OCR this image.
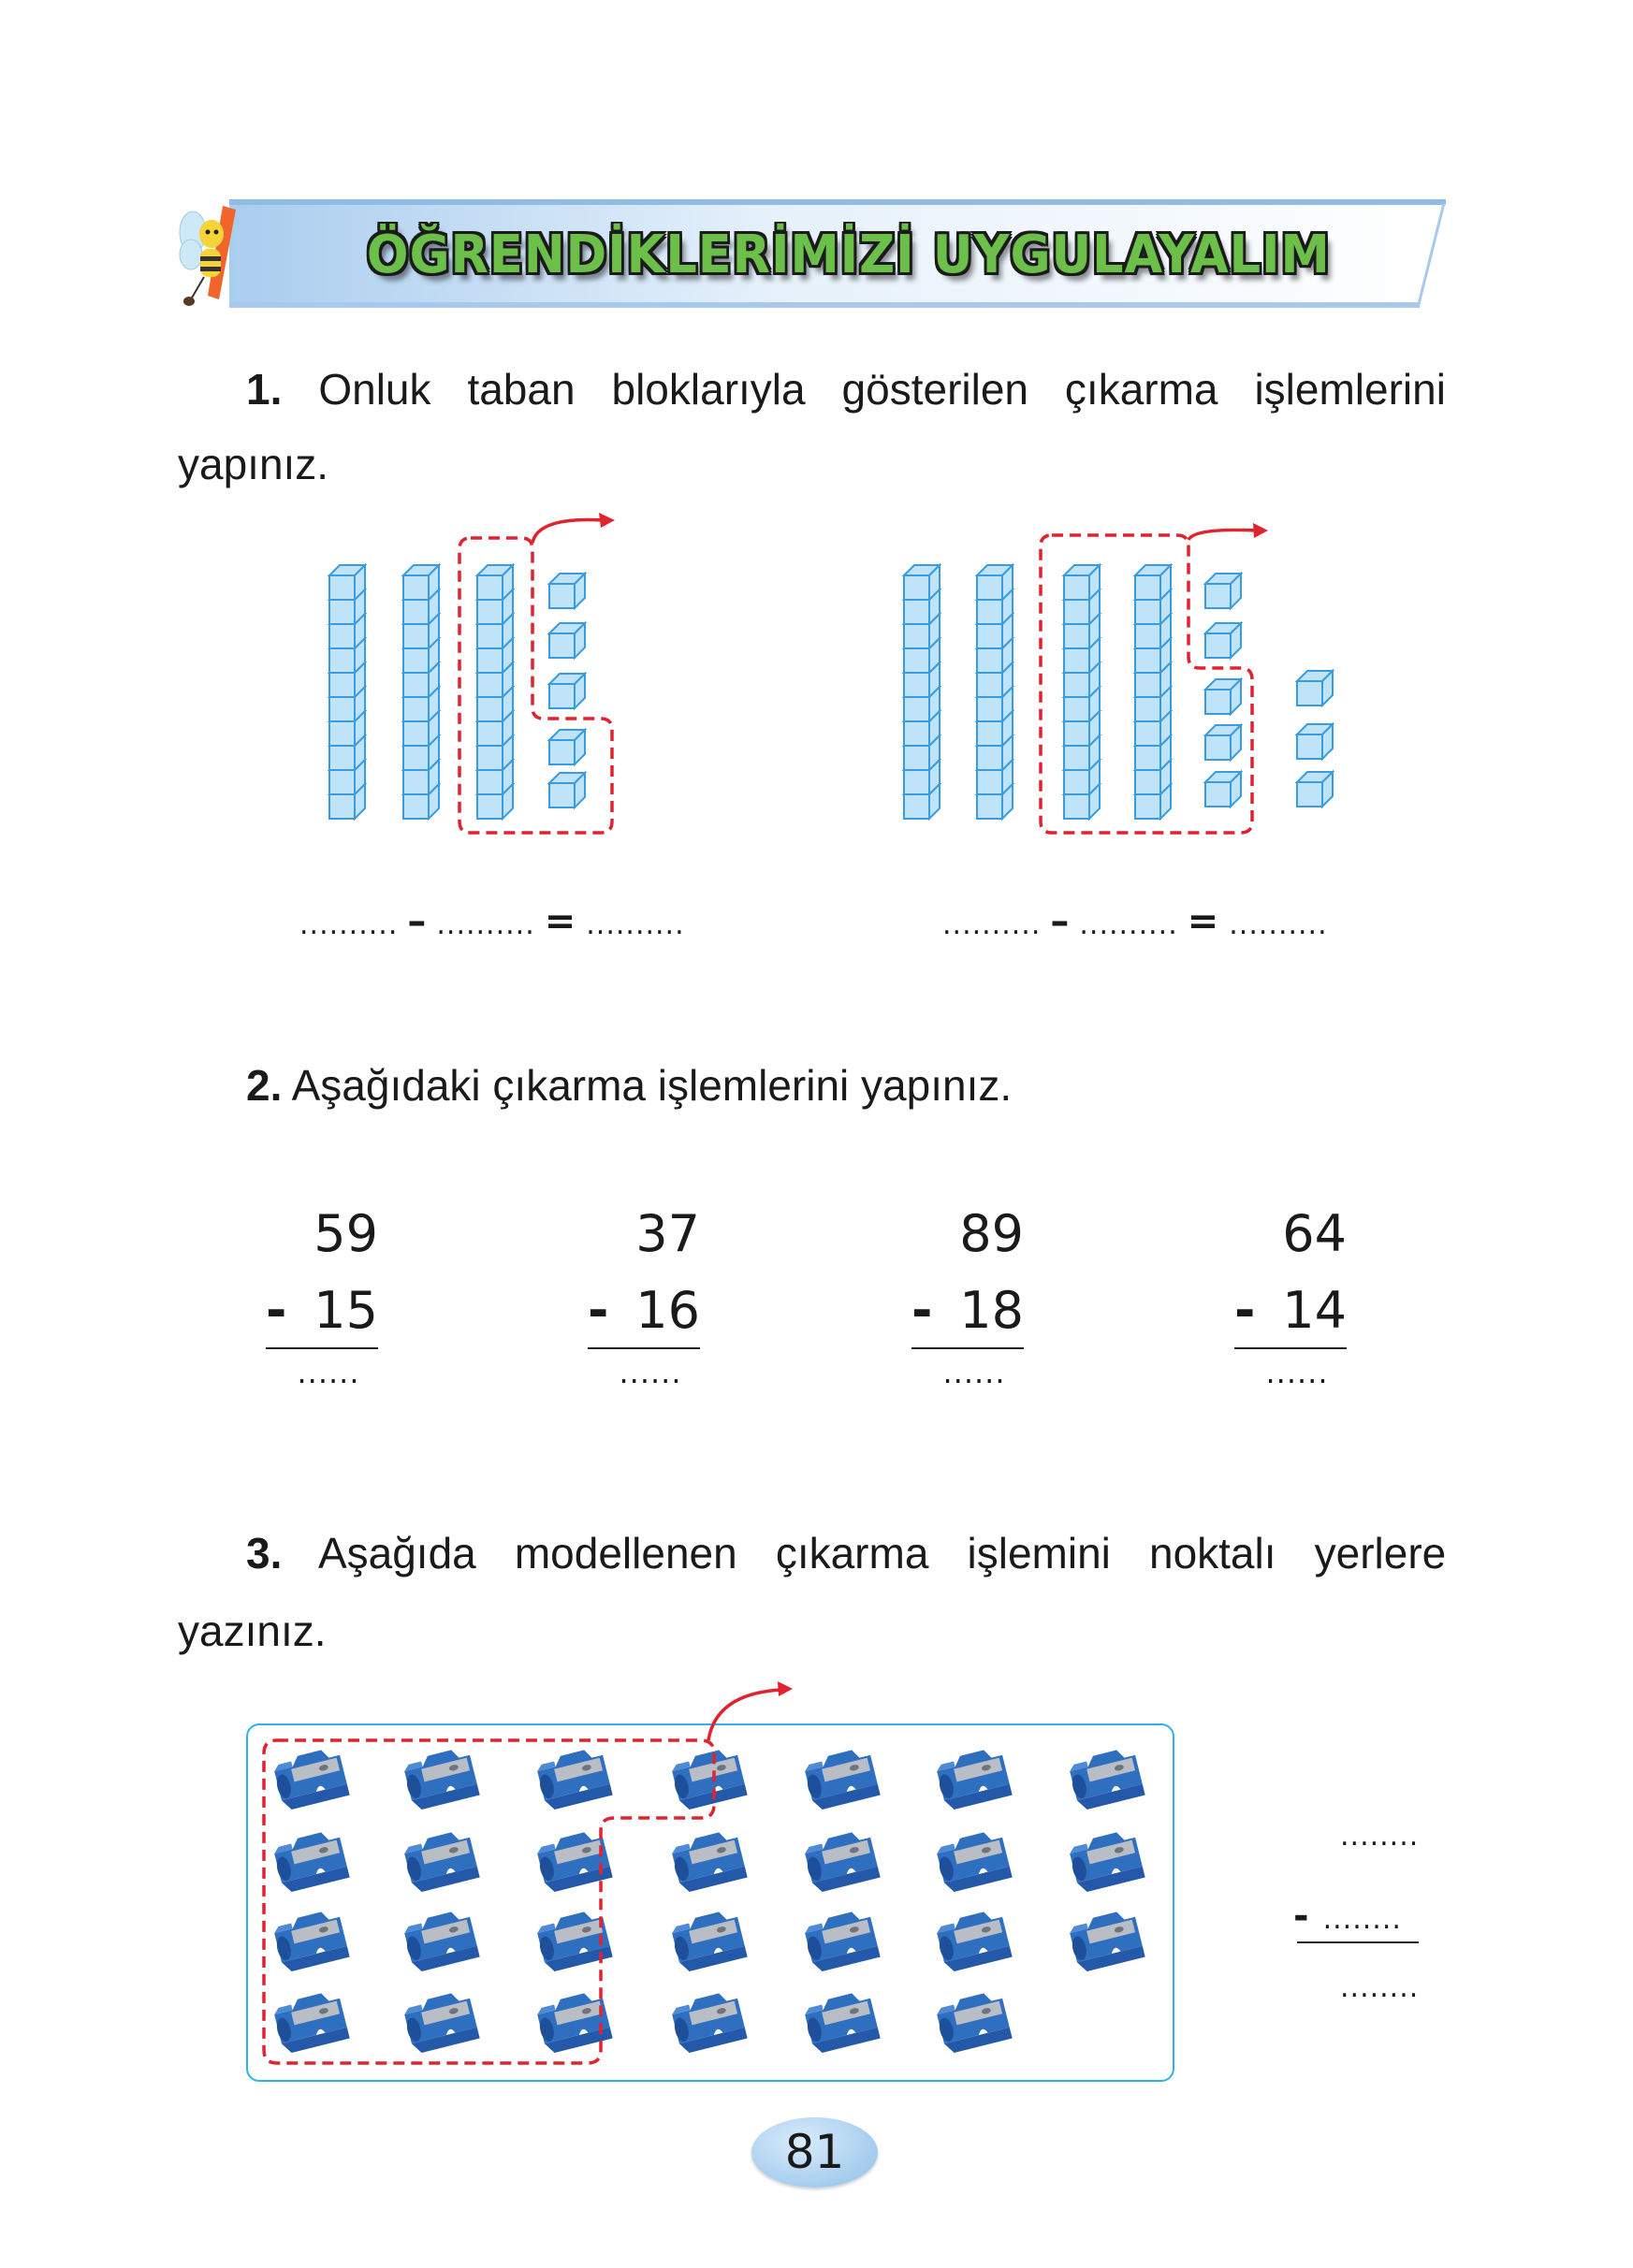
ÖĞRENDİKLERİMİZİ UYGULAYALIM
1. Onluk taban bloklarıyla gösterilen çıkarma işlemlerini
yapınız.
.......... – .......... = ..........	.......... – .......... = ..........
2. Aşağıdaki çıkarma işlemlerini yapınız.
59
- 15
......
37
- 16
......
89
- 18
......
64
- 14
......
3. Aşağıda modellenen çıkarma işlemini noktalı yerlere
yazınız.
........
- ........
........
81
